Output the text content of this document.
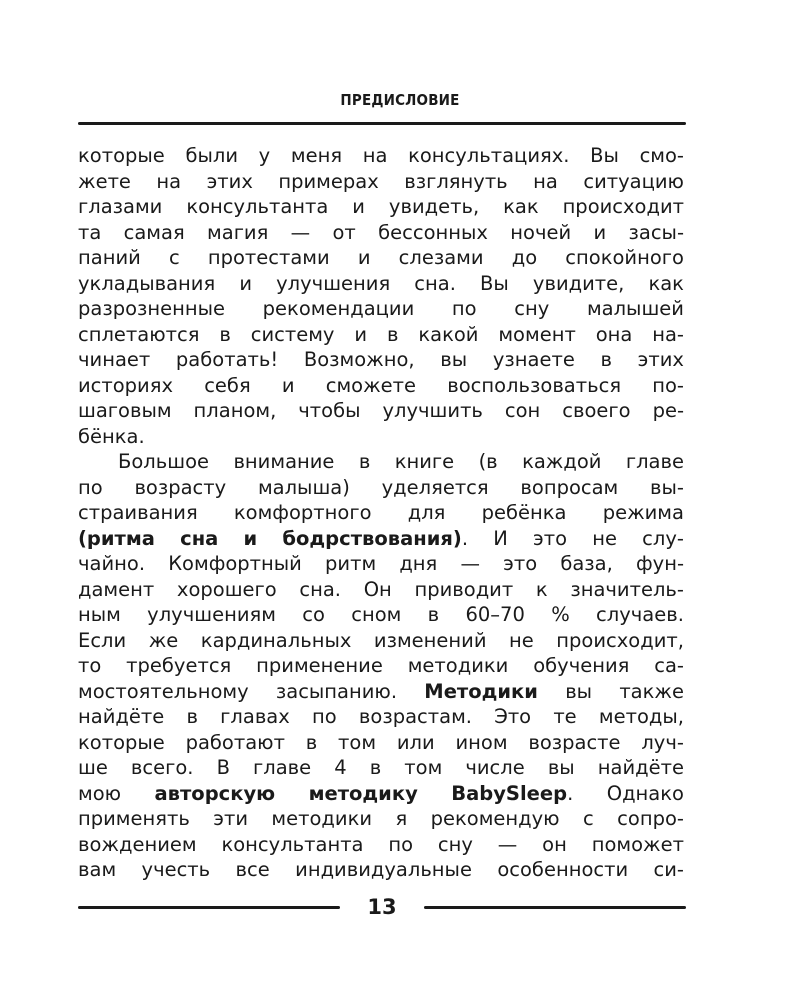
ПРЕДИСЛОВИЕ
которые были у меня на консультациях. Вы смо-
жете на этих примерах взглянуть на ситуацию
глазами консультанта и увидеть, как происходит
та самая магия — от бессонных ночей и засы-
паний с протестами и слезами до спокойного
укладывания и улучшения сна. Вы увидите, как
разрозненные рекомендации по сну малышей
сплетаются в систему и в какой момент она на-
чинает работать! Возможно, вы узнаете в этих
историях себя и сможете воспользоваться по-
шаговым планом, чтобы улучшить сон своего ре-
бёнка.
Большое внимание в книге (в каждой главе
по возрасту малыша) уделяется вопросам вы-
страивания комфортного для ребёнка режима
(ритма сна и бодрствования). И это не слу-
чайно. Комфортный ритм дня — это база, фун-
дамент хорошего сна. Он приводит к значитель-
ным улучшениям со сном в 60–70 % случаев.
Если же кардинальных изменений не происходит,
то требуется применение методики обучения са-
мостоятельному засыпанию. Методики вы также
найдёте в главах по возрастам. Это те методы,
которые работают в том или ином возрасте луч-
ше всего. В главе 4 в том числе вы найдёте
мою авторскую методику BabySleep. Однако
применять эти методики я рекомендую с сопро-
вождением консультанта по сну — он поможет
вам учесть все индивидуальные особенности си-
13
